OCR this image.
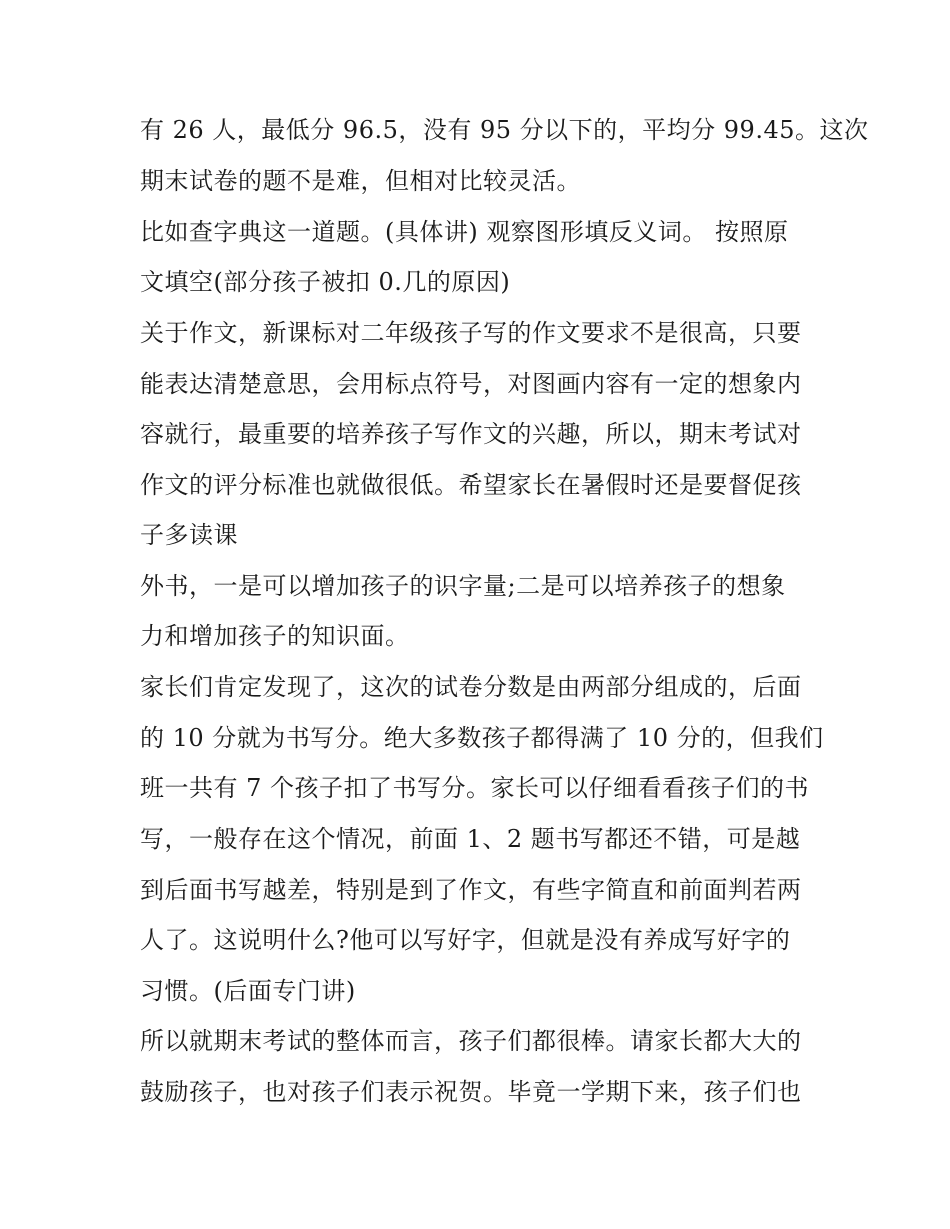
有 26 人，最低分 96.5，没有 95 分以下的，平均分 99.45。这次
期末试卷的题不是难，但相对比较灵活。
比如查字典这一道题。(具体讲) 观察图形填反义词。 按照原
文填空(部分孩子被扣 0.几的原因)
关于作文，新课标对二年级孩子写的作文要求不是很高，只要
能表达清楚意思，会用标点符号，对图画内容有一定的想象内
容就行，最重要的培养孩子写作文的兴趣，所以，期末考试对
作文的评分标准也就做很低。希望家长在暑假时还是要督促孩
子多读课
外书，一是可以增加孩子的识字量;二是可以培养孩子的想象
力和增加孩子的知识面。
家长们肯定发现了，这次的试卷分数是由两部分组成的，后面
的 10 分就为书写分。绝大多数孩子都得满了 10 分的，但我们
班一共有 7 个孩子扣了书写分。家长可以仔细看看孩子们的书
写，一般存在这个情况，前面 1、2 题书写都还不错，可是越
到后面书写越差，特别是到了作文，有些字简直和前面判若两
人了。这说明什么?他可以写好字，但就是没有养成写好字的
习惯。(后面专门讲)
所以就期末考试的整体而言，孩子们都很棒。请家长都大大的
鼓励孩子，也对孩子们表示祝贺。毕竟一学期下来，孩子们也
